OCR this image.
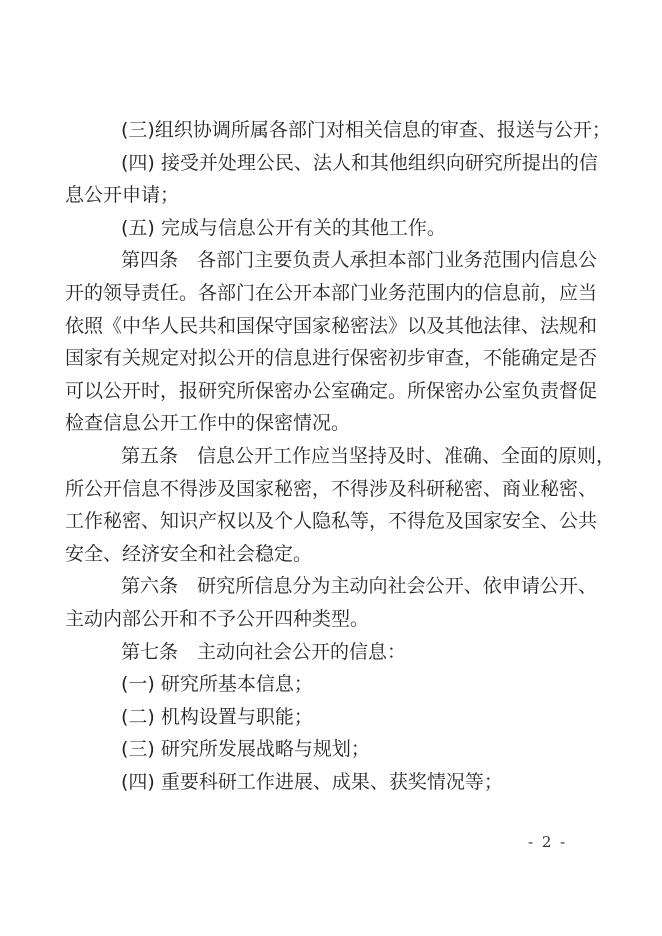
(三)组织协调所属各部门对相关信息的审查、报送与公开；
(四) 接受并处理公民、法人和其他组织向研究所提出的信
息公开申请；
(五) 完成与信息公开有关的其他工作。
第四条　各部门主要负责人承担本部门业务范围内信息公
开的领导责任。各部门在公开本部门业务范围内的信息前，应当
依照《中华人民共和国保守国家秘密法》以及其他法律、法规和
国家有关规定对拟公开的信息进行保密初步审查，不能确定是否
可以公开时，报研究所保密办公室确定。所保密办公室负责督促
检查信息公开工作中的保密情况。
第五条　信息公开工作应当坚持及时、准确、全面的原则，
所公开信息不得涉及国家秘密，不得涉及科研秘密、商业秘密、
工作秘密、知识产权以及个人隐私等，不得危及国家安全、公共
安全、经济安全和社会稳定。
第六条　研究所信息分为主动向社会公开、依申请公开、
主动内部公开和不予公开四种类型。
第七条　主动向社会公开的信息：
(一) 研究所基本信息；
(二) 机构设置与职能；
(三) 研究所发展战略与规划；
(四) 重要科研工作进展、成果、获奖情况等；
- 2 -
